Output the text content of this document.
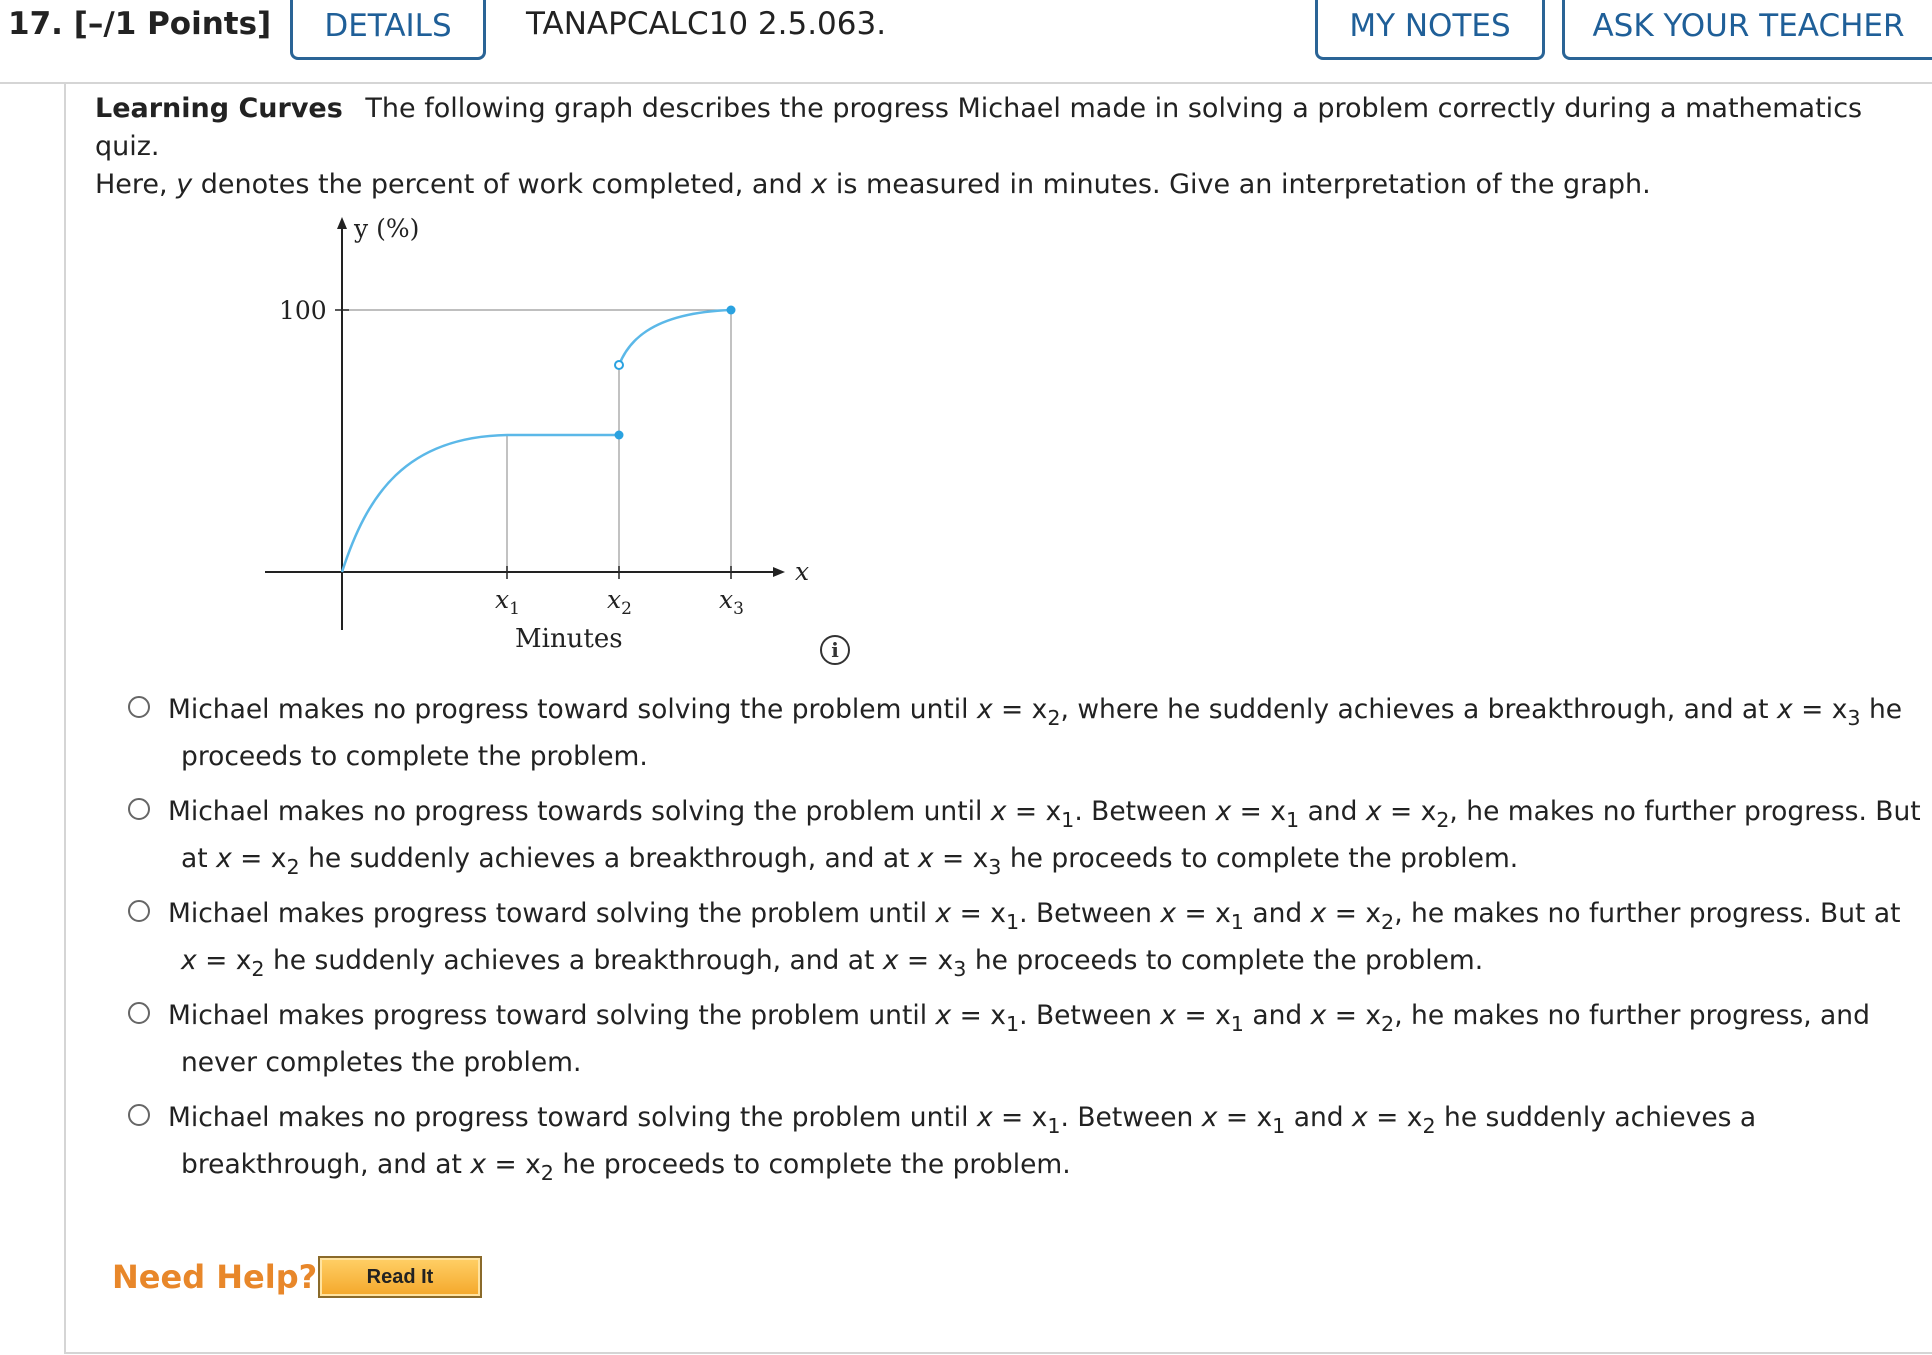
17. [–/1 Points]	DETAILS	TANAPCALC10 2.5.063.	MY NOTES	ASK YOUR TEACHER
Learning Curves The following graph describes the progress Michael made in solving a problem correctly during a mathematics quiz.
Here, y denotes the percent of work completed, and x is measured in minutes. Give an interpretation of the graph.
y (%)
100
x
$x_1$	$x_2$	$x_3$
Minutes	i
Michael makes no progress toward solving the problem until $x = x_2$, where he suddenly achieves a breakthrough, and at $x = x_3$ he
proceeds to complete the problem.
Michael makes no progress towards solving the problem until $x = x_1$. Between $x = x_1$ and $x = x_2$, he makes no further progress. But
at $x = x_2$ he suddenly achieves a breakthrough, and at $x = x_3$ he proceeds to complete the problem.
Michael makes progress toward solving the problem until $x = x_1$. Between $x = x_1$ and $x = x_2$, he makes no further progress. But at
$x = x_2$ he suddenly achieves a breakthrough, and at $x = x_3$ he proceeds to complete the problem.
Michael makes progress toward solving the problem until $x = x_1$. Between $x = x_1$ and $x = x_2$, he makes no further progress, and
never completes the problem.
Michael makes no progress toward solving the problem until $x = x_1$. Between $x = x_1$ and $x = x_2$ he suddenly achieves a
breakthrough, and at $x = x_2$ he proceeds to complete the problem.
Need Help?	Read It
